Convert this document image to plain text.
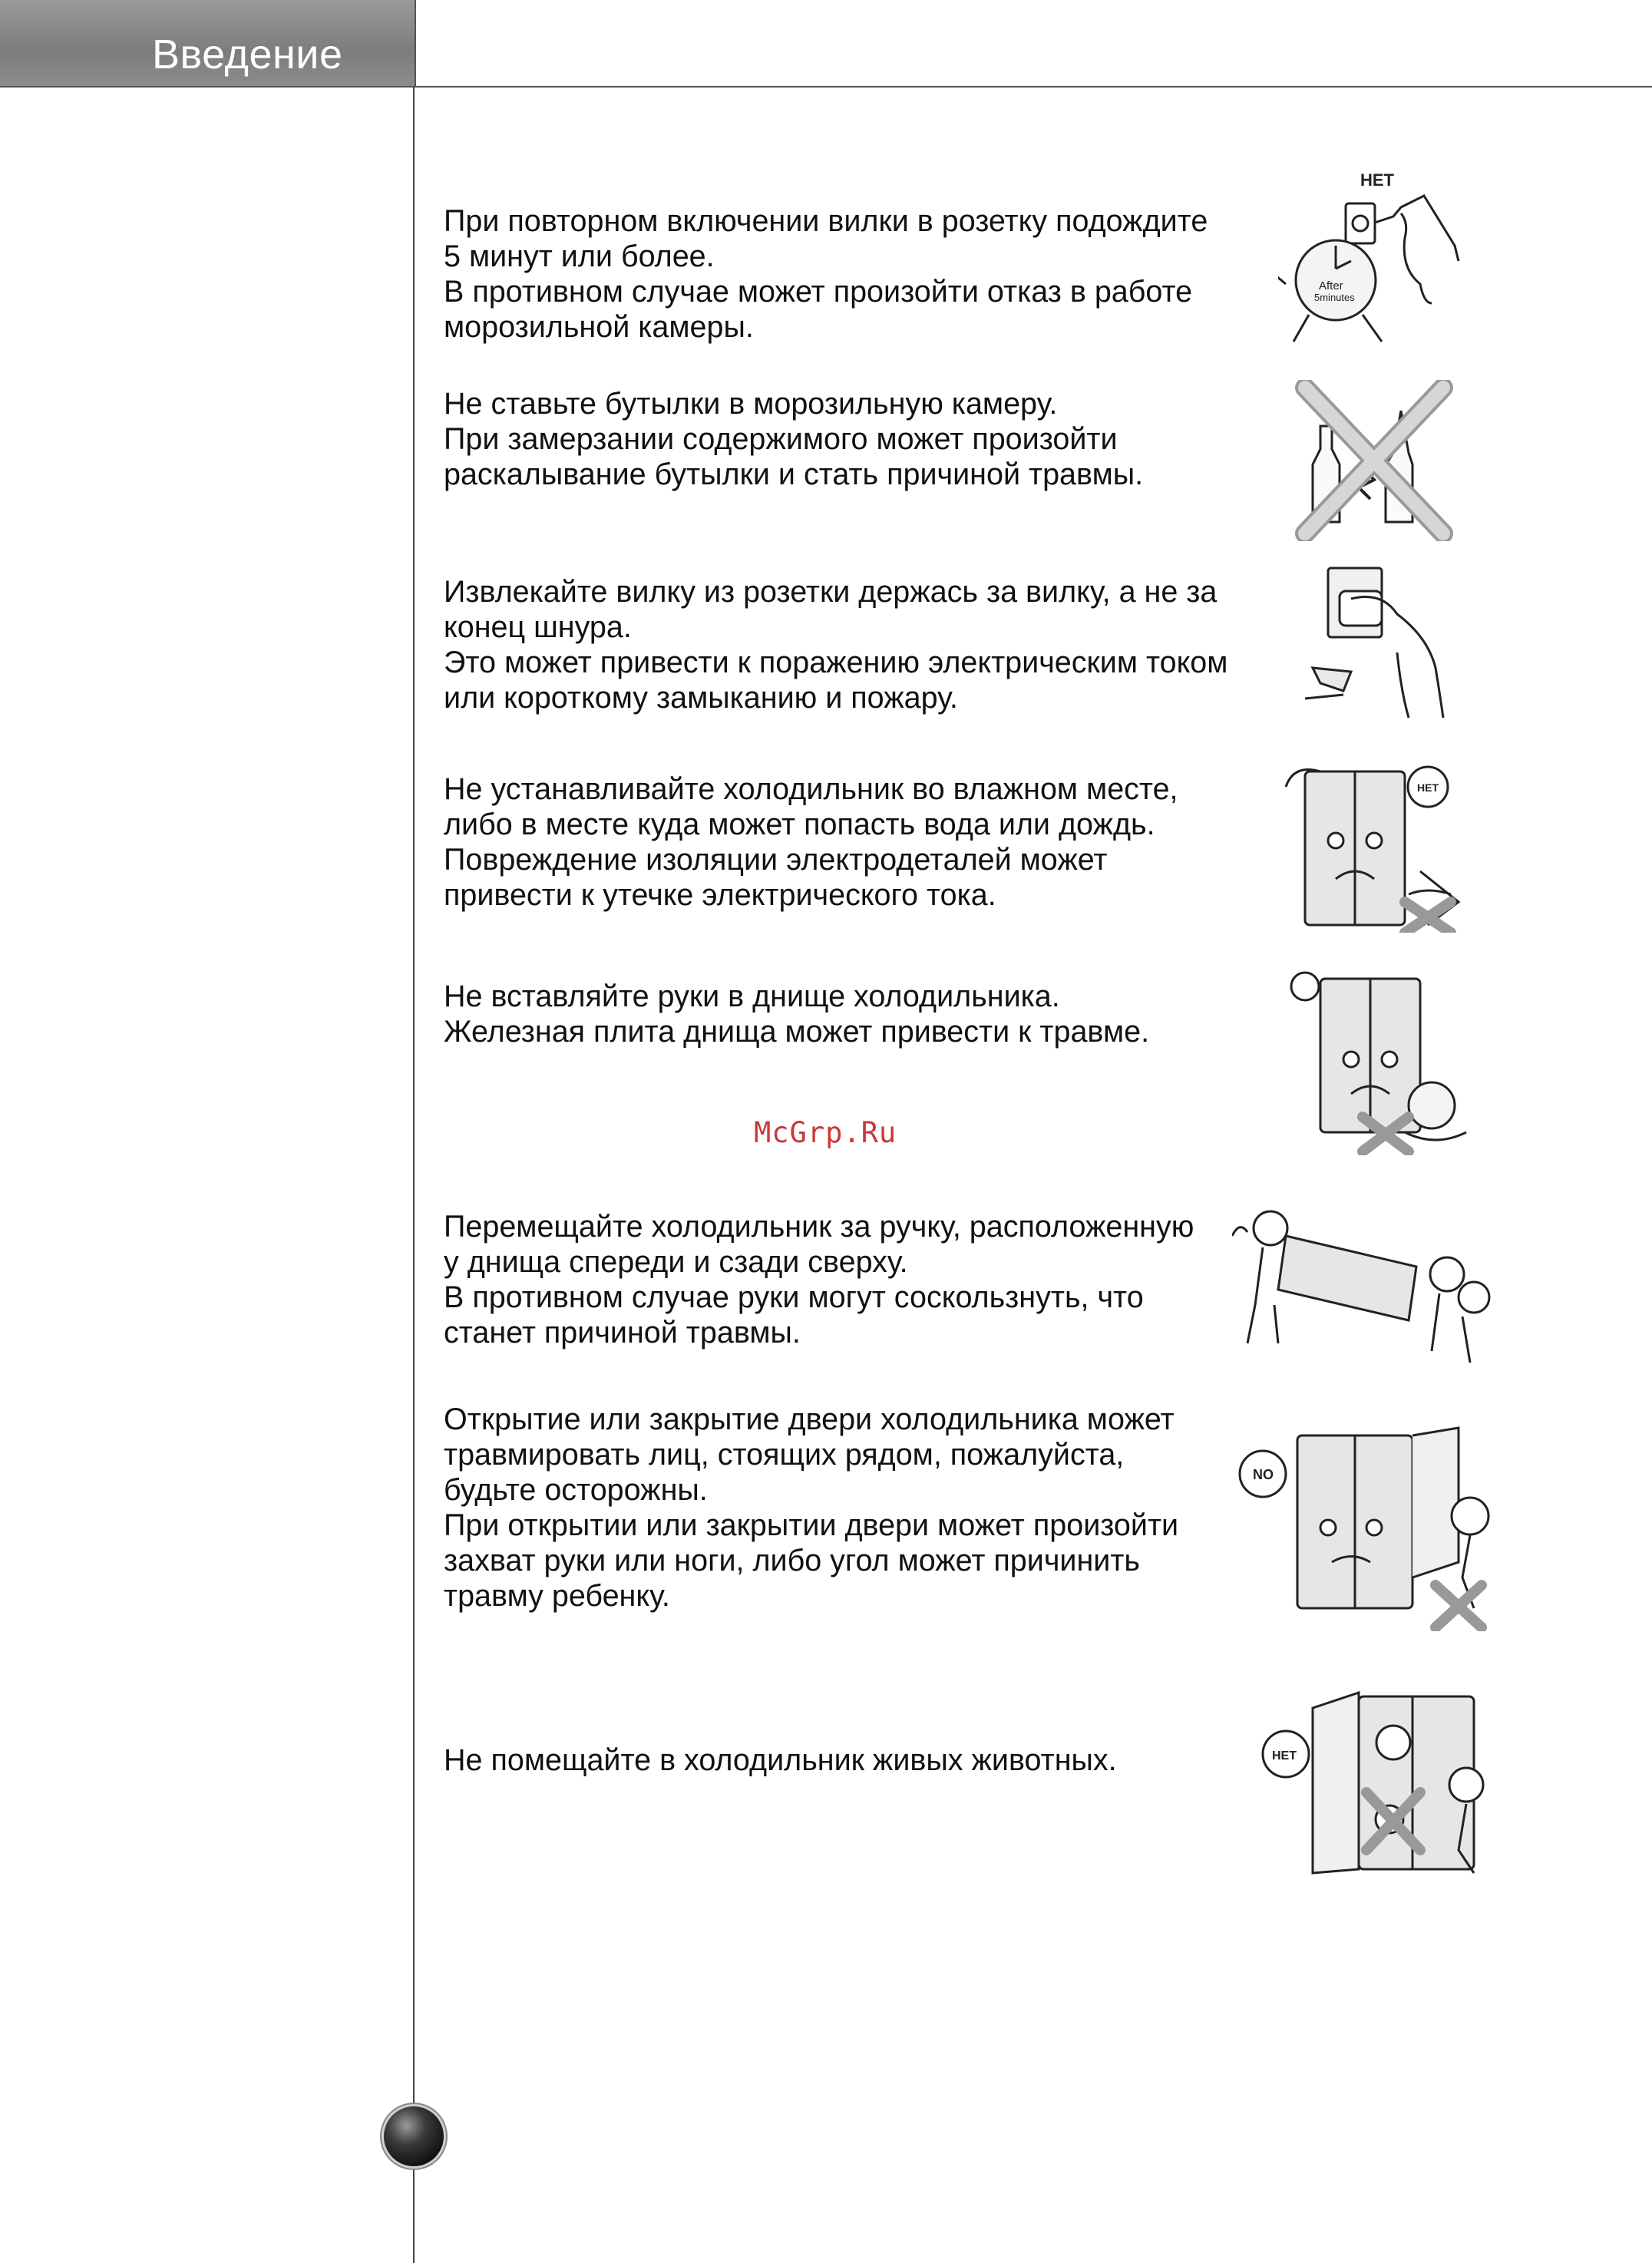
Введение
При повторном включении вилки в розетку подождите
5 минут или более.
В противном случае может произойти отказ в работе
морозильной камеры.
НЕТ
After
5minutes
Не ставьте бутылки в морозильную камеру.
При замерзании содержимого может произойти
раскалывание бутылки и стать причиной травмы.
Извлекайте вилку из розетки держась за вилку, а не за
конец шнура.
Это может привести к поражению электрическим током
или короткому замыканию и пожару.
Не устанавливайте холодильник во влажном месте,
либо в месте куда может попасть вода или дождь.
Повреждение изоляции электродеталей может
привести к утечке электрического тока.
НЕТ
Не вставляйте руки в днище холодильника.
Железная плита днища может привести к травме.
McGrp.Ru
Перемещайте холодильник за ручку, расположенную
у днища спереди и сзади сверху.
В противном случае руки могут соскользнуть, что
станет причиной травмы.
Открытие или закрытие двери холодильника может
травмировать лиц, стоящих рядом, пожалуйста,
будьте осторожны.
При открытии или закрытии двери может произойти
захват руки или ноги, либо угол может причинить
травму ребенку.
NO
Не помещайте в холодильник живых животных.	НЕТ
